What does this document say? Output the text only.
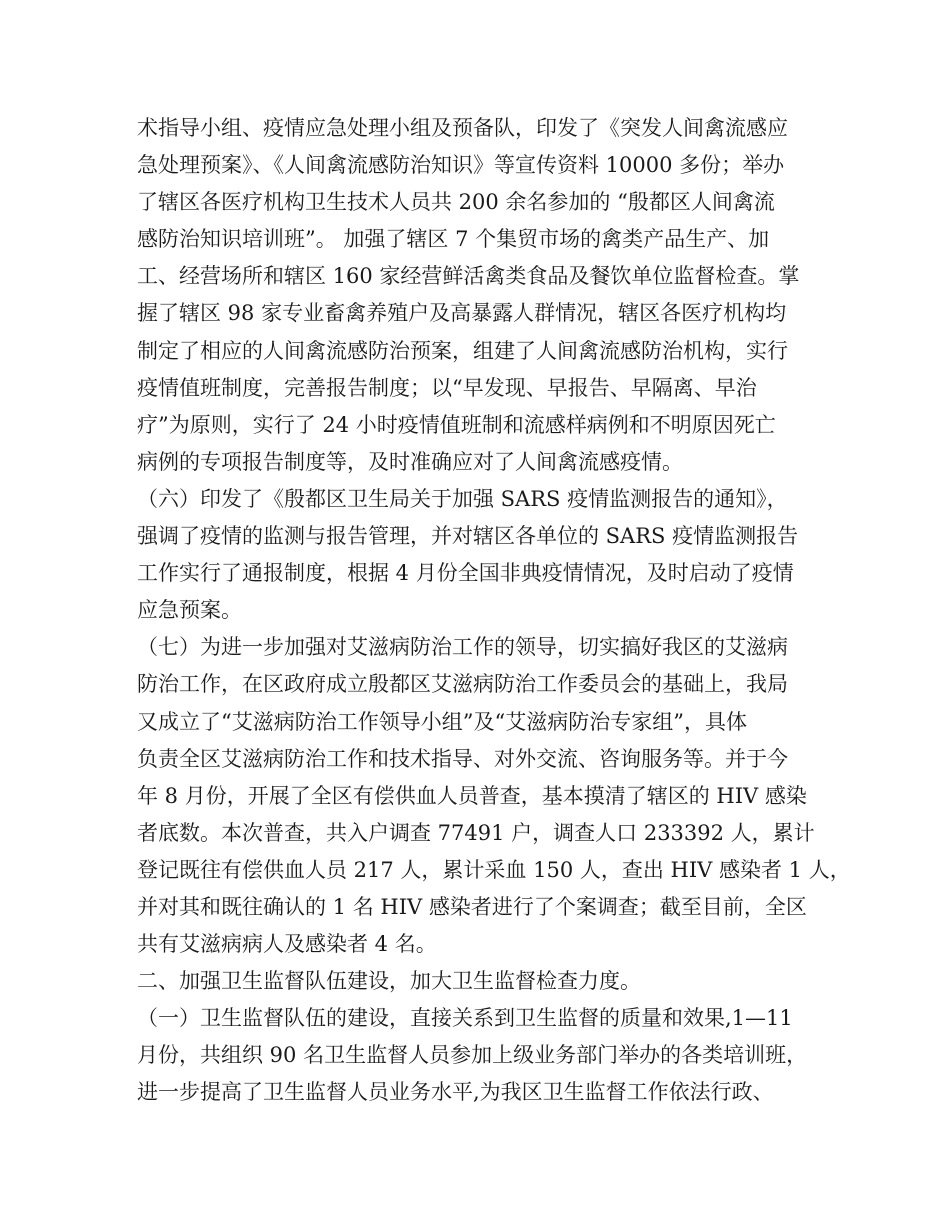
术指导小组、疫情应急处理小组及预备队，印发了《突发人间禽流感应
急处理预案》、《人间禽流感防治知识》等宣传资料 10000 多份；举办
了辖区各医疗机构卫生技术人员共 200 余名参加的 “殷都区人间禽流
感防治知识培训班”。 加强了辖区 7 个集贸市场的禽类产品生产、加
工、经营场所和辖区 160 家经营鲜活禽类食品及餐饮单位监督检查。掌
握了辖区 98 家专业畜禽养殖户及高暴露人群情况，辖区各医疗机构均
制定了相应的人间禽流感防治预案，组建了人间禽流感防治机构，实行
疫情值班制度，完善报告制度；以“早发现、早报告、早隔离、早治
疗”为原则，实行了 24 小时疫情值班制和流感样病例和不明原因死亡
病例的专项报告制度等，及时准确应对了人间禽流感疫情。
（六）印发了《殷都区卫生局关于加强 SARS 疫情监测报告的通知》，
强调了疫情的监测与报告管理，并对辖区各单位的 SARS 疫情监测报告
工作实行了通报制度，根据 4 月份全国非典疫情情况，及时启动了疫情
应急预案。
（七）为进一步加强对艾滋病防治工作的领导，切实搞好我区的艾滋病
防治工作，在区政府成立殷都区艾滋病防治工作委员会的基础上，我局
又成立了“艾滋病防治工作领导小组”及“艾滋病防治专家组”，具体
负责全区艾滋病防治工作和技术指导、对外交流、咨询服务等。并于今
年 8 月份，开展了全区有偿供血人员普查，基本摸清了辖区的 HIV 感染
者底数。本次普查，共入户调查 77491 户，调查人口 233392 人，累计
登记既往有偿供血人员 217 人，累计采血 150 人，查出 HIV 感染者 1 人，
并对其和既往确认的 1 名 HIV 感染者进行了个案调查；截至目前，全区
共有艾滋病病人及感染者 4 名。
二、加强卫生监督队伍建设，加大卫生监督检查力度。
（一）卫生监督队伍的建设，直接关系到卫生监督的质量和效果,1—11
月份，共组织 90 名卫生监督人员参加上级业务部门举办的各类培训班，
进一步提高了卫生监督人员业务水平,为我区卫生监督工作依法行政、
